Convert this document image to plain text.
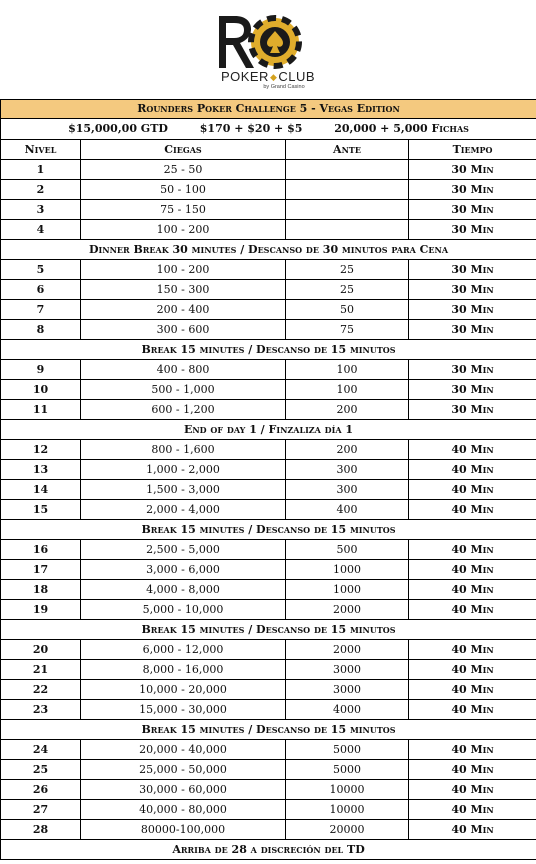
POKER◆CLUB
by Grand Casino
Rounders Poker Challenge 5 - Vegas Edition			
$15,000,00 GTD $170 + $20 + $5 20,000 + 5,000 Fichas			
Nivel	Ciegas	Ante	Tiempo
1	25 - 50		30 Min
2	50 - 100		30 Min
3	75 - 150		30 Min
4	100 - 200		30 Min
Dinner Break 30 minutes / Descanso de 30 minutos para Cena			
5	100 - 200	25	30 Min
6	150 - 300	25	30 Min
7	200 - 400	50	30 Min
8	300 - 600	75	30 Min
Break 15 minutes / Descanso de 15 minutos			
9	400 - 800	100	30 Min
10	500 - 1,000	100	30 Min
11	600 - 1,200	200	30 Min
End of day 1 / Finzaliza día 1			
12	800 - 1,600	200	40 Min
13	1,000 - 2,000	300	40 Min
14	1,500 - 3,000	300	40 Min
15	2,000 - 4,000	400	40 Min
Break 15 minutes / Descanso de 15 minutos			
16	2,500 - 5,000	500	40 Min
17	3,000 - 6,000	1000	40 Min
18	4,000 - 8,000	1000	40 Min
19	5,000 - 10,000	2000	40 Min
Break 15 minutes / Descanso de 15 minutos			
20	6,000 - 12,000	2000	40 Min
21	8,000 - 16,000	3000	40 Min
22	10,000 - 20,000	3000	40 Min
23	15,000 - 30,000	4000	40 Min
Break 15 minutes / Descanso de 15 minutos			
24	20,000 - 40,000	5000	40 Min
25	25,000 - 50,000	5000	40 Min
26	30,000 - 60,000	10000	40 Min
27	40,000 - 80,000	10000	40 Min
28	80000-100,000	20000	40 Min
Arriba de 28 a discreción del TD			
